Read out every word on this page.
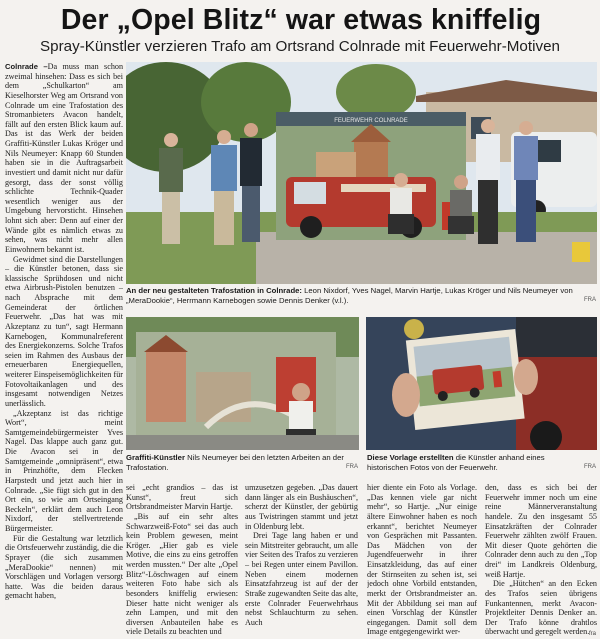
Der „Opel Blitz“ war etwas kniffelig
Spray-Künstler verzieren Trafo am Ortsrand Colnrade mit Feuerwehr-Motiven
FEUERWEHR COLNRADE
An der neu gestalteten Trafostation in Colnrade: Leon Nixdorf, Yves Nagel, Marvin Hartje, Lukas Kröger und Nils Neumeyer von „MeraDookie“, Herrmann Karnebogen sowie Dennis Denker (v.l.).	FRA
Graffiti-Künstler Nils Neumeyer bei den letzten Arbeiten an der Trafostation.	FRA
Diese Vorlage erstellten die Künstler anhand eines historischen Fotos von der Feuerwehr.	FRA

Colnrade –Da muss man schon zweimal hinsehen: Dass es sich bei dem „Schulkarton“ am Kieselhorster Weg am Ortsrand von Colnrade um eine Trafostation des Stromanbieters Avacon handelt, fällt auf den ersten Blick kaum auf. Das ist das Werk der beiden Graffiti-Künstler Lukas Kröger und Nils Neumeyer: Knapp 60 Stunden haben sie in die Auftragsarbeit investiert und damit nicht nur dafür gesorgt, dass der sonst völlig schlichte Technik-Quader wesentlich weniger aus der Umgebung hervorsticht. Hinsehen lohnt sich aber: Denn auf einer der Wände gibt es nämlich etwas zu sehen, was nicht mehr allen Einwohnern bekannt ist.

Gewidmet sind die Darstellungen – die Künstler betonen, dass sie klassische Sprühdosen und nicht etwa Airbrush-Pistolen benutzen – nach Absprache mit dem Gemeinderat der örtlichen Feuerwehr. „Das hat was mit Akzeptanz zu tun“, sagt Hermann Karnebogen, Kommunalreferent des Energiekonzerns. Solche Trafos seien im Rahmen des Ausbaus der erneuerbaren Energiequellen, weiterer Einspeisemöglichkeiten für Fotovoltaikanlagen und des insgesamt notwendigen Netzes unerlässlich.

„Akzeptanz ist das richtige Wort“, meint Samtgemeindebürgermeister Yves Nagel. Das klappe auch ganz gut. Die Avacon sei in der Samtgemeinde „omnipräsent“, etwa in Prinzhöfte, dem Flecken Harpstedt und jetzt auch hier in Colnrade. „Sie fügt sich gut in den Ort ein, so wie am Ortseingang Beckeln“, erklärt dem auch Leon Nixdorf, der stellvertretende Bürgermeister.

Für die Gestaltung war letztlich die Ortsfeuerwehr zuständig, die die Sprayer (die sich zusammen „MeraDookie“ nennen) mit Vorschlägen und Vorlagen versorgt hatte. Was die beiden daraus gemacht haben,

sei „echt grandios – das ist Kunst“, freut sich Ortsbrandmeister Marvin Hartje.

„Bis auf ein sehr altes Schwarzweiß-Foto“ sei das auch kein Problem gewesen, meint Kröger. „Hier gab es viele Motive, die eins zu eins getroffen werden mussten.“ Der alte „Opel Blitz“-Löschwagen auf einem weiteren Foto habe sich als besonders kniffelig erwiesen: Dieser hatte nicht weniger als zehn Lampen, und mit den diversen Anbauteilen habe es viele Details zu beachten und

umzusetzen gegeben. „Das dauert dann länger als ein Bushäuschen“, scherzt der Künstler, der gebürtig aus Twistringen stammt und jetzt in Oldenburg lebt.

Drei Tage lang haben er und sein Mitstreiter gebraucht, um alle vier Seiten des Trafos zu verzieren – bei Regen unter einem Pavillon. Neben einem modernen Einsatzfahrzeug ist auf der der Straße zugewandten Seite das alte, erste Colnrader Feuerwehrhaus nebst Schlauchturm zu sehen. Auch

hier diente ein Foto als Vorlage. „Das kennen viele gar nicht mehr“, so Hartje. „Nur einige ältere Einwohner haben es noch erkannt“, berichtet Neumeyer von Gesprächen mit Passanten. Das Mädchen von der Jugendfeuerwehr in ihrer Einsatzkleidung, das auf einer der Stirnseiten zu sehen ist, sei jedoch ohne Vorbild entstanden, merkt der Ortsbrandmeister an. Mit der Abbildung sei man auf einen Vorschlag der Künstler eingegangen. Damit soll dem Image entgegengewirkt wer-

den, dass es sich bei der Feuerwehr immer noch um eine reine Männerveranstaltung handele. Zu den insgesamt 55 Einsatzkräften der Colnrader Feuerwehr zählten zwölf Frauen. Mit dieser Quote gehörten die Colnrader denn auch zu den „Top drei“ im Landkreis Oldenburg, weiß Hartje.

Die „Hütchen“ an den Ecken des Trafos seien übrigens Funkantennen, merkt Avacon-Projektleiter Dennis Denker an. Der Trafo könne drahtlos überwacht und geregelt werden. fra
